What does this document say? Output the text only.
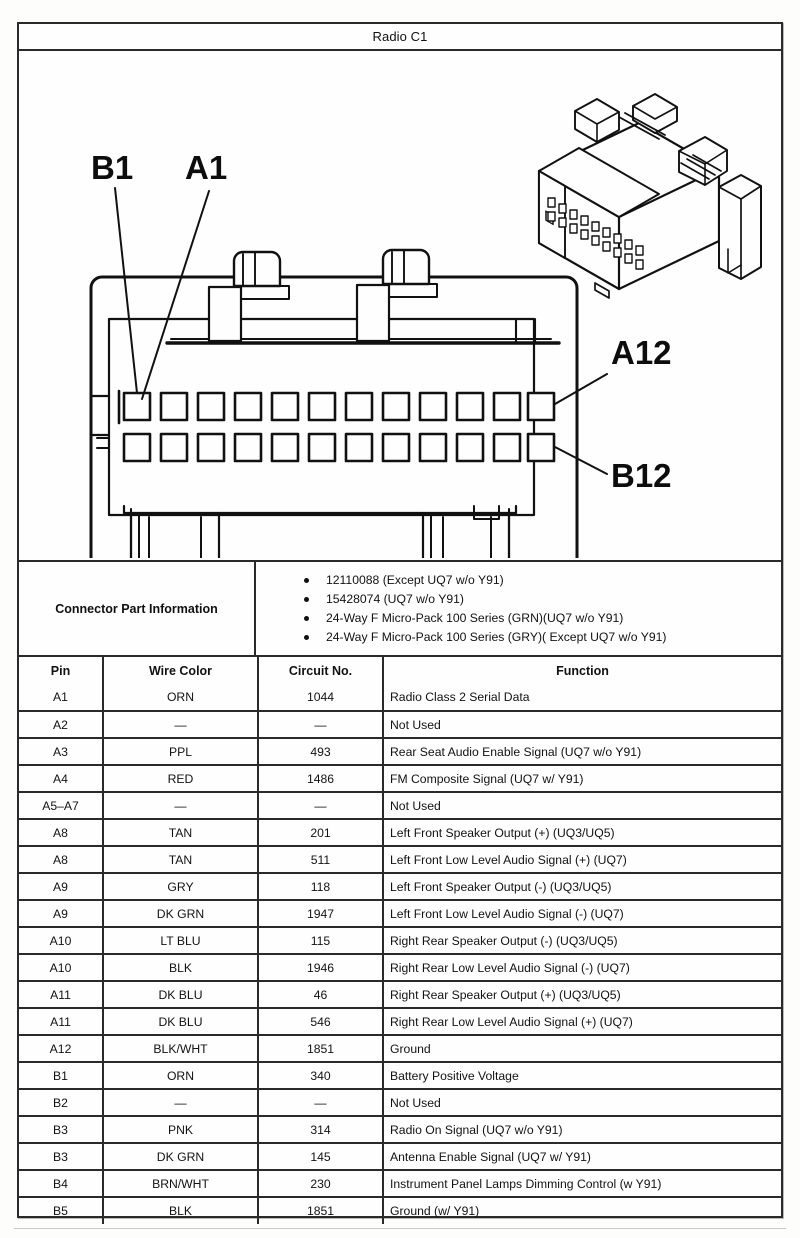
Radio C1
B1 A1
A12
B12
Connector Part Information
12110088 (Except UQ7 w/o Y91)
15428074 (UQ7 w/o Y91)
24-Way F Micro-Pack 100 Series (GRN)(UQ7 w/o Y91)
24-Way F Micro-Pack 100 Series (GRY)( Except UQ7 w/o Y91)
Pin	Wire Color	Circuit No.	Function
A1	ORN	1044	Radio Class 2 Serial Data
A2	—	—	Not Used
A3	PPL	493	Rear Seat Audio Enable Signal (UQ7 w/o Y91)
A4	RED	1486	FM Composite Signal (UQ7 w/ Y91)
A5–A7	—	—	Not Used
A8	TAN	201	Left Front Speaker Output (+) (UQ3/UQ5)
A8	TAN	511	Left Front Low Level Audio Signal (+) (UQ7)
A9	GRY	118	Left Front Speaker Output (-) (UQ3/UQ5)
A9	DK GRN	1947	Left Front Low Level Audio Signal (-) (UQ7)
A10	LT BLU	115	Right Rear Speaker Output (-) (UQ3/UQ5)
A10	BLK	1946	Right Rear Low Level Audio Signal (-) (UQ7)
A11	DK BLU	46	Right Rear Speaker Output (+) (UQ3/UQ5)
A11	DK BLU	546	Right Rear Low Level Audio Signal (+) (UQ7)
A12	BLK/WHT	1851	Ground
B1	ORN	340	Battery Positive Voltage
B2	—	—	Not Used
B3	PNK	314	Radio On Signal (UQ7 w/o Y91)
B3	DK GRN	145	Antenna Enable Signal (UQ7 w/ Y91)
B4	BRN/WHT	230	Instrument Panel Lamps Dimming Control (w Y91)
B5	BLK	1851	Ground (w/ Y91)
